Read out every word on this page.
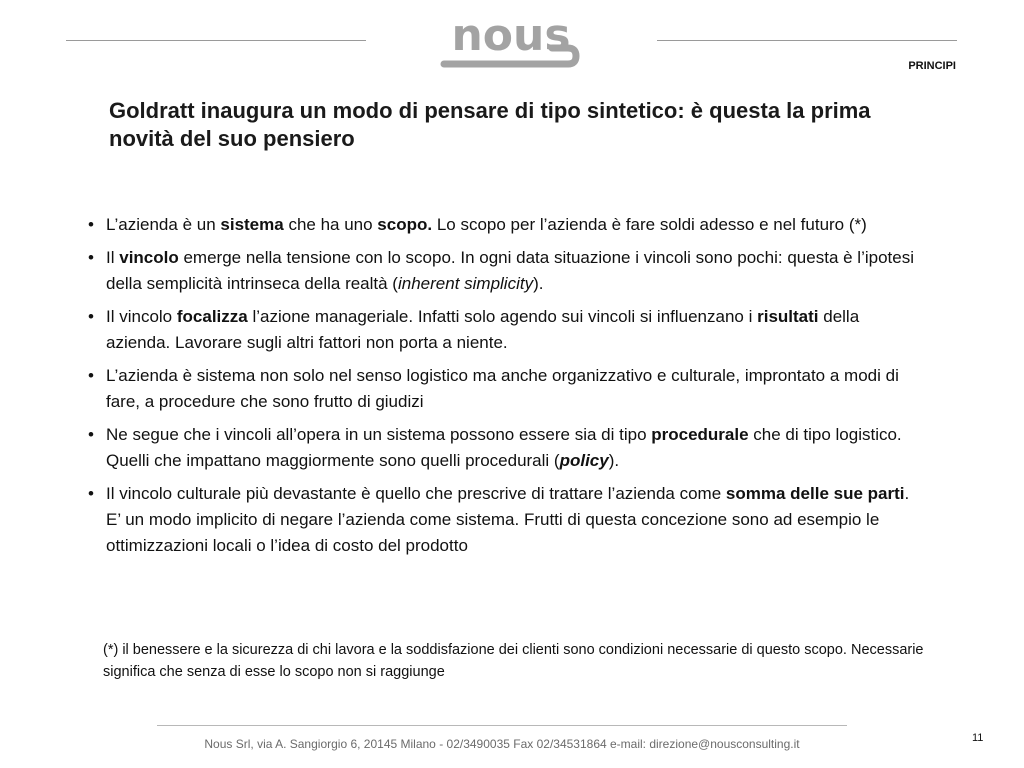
nous
PRINCIPI
Goldratt inaugura un modo di pensare di tipo sintetico: è questa la prima novità del suo pensiero
• L’azienda è un sistema che ha uno scopo. Lo scopo per l’azienda è fare soldi adesso e nel futuro (*)
• Il vincolo emerge nella tensione con lo scopo. In ogni data situazione i vincoli sono pochi: questa è l’ipotesi della semplicità intrinseca della realtà (inherent simplicity).
• Il vincolo focalizza l’azione manageriale. Infatti solo agendo sui vincoli si influenzano i risultati della azienda. Lavorare sugli altri fattori non porta a niente.
• L’azienda è sistema non solo nel senso logistico ma anche organizzativo e culturale, improntato a modi di fare, a procedure che sono frutto di giudizi
• Ne segue che i vincoli all’opera in un sistema possono essere sia di tipo procedurale che di tipo logistico. Quelli che impattano maggiormente sono quelli procedurali (policy).
• Il vincolo culturale più devastante è quello che prescrive di trattare l’azienda come somma delle sue parti. E’ un modo implicito di negare l’azienda come sistema. Frutti di questa concezione sono ad esempio le ottimizzazioni locali o l’idea di costo del prodotto
(*) il benessere e la sicurezza di chi lavora e la soddisfazione dei clienti sono condizioni necessarie di questo scopo. Necessarie significa che senza di esse lo scopo non si raggiunge
Nous Srl, via A. Sangiorgio 6, 20145 Milano - 02/3490035 Fax 02/34531864 e-mail: direzione@nousconsulting.it	11
